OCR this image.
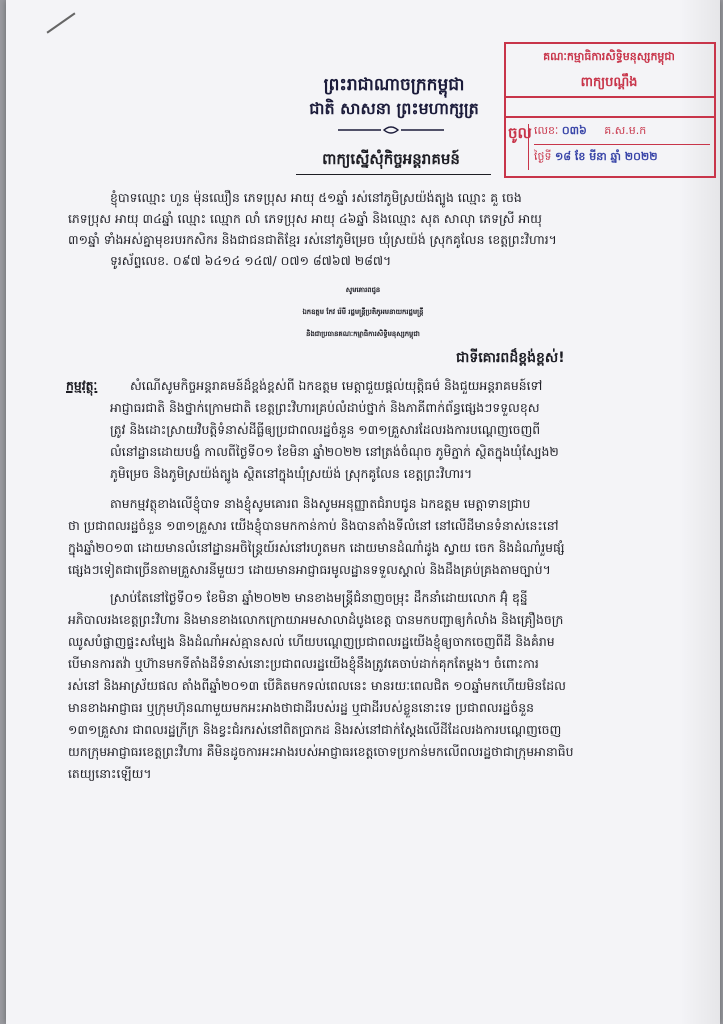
ព្រះរាជាណាចក្រកម្ពុជា
ជាតិ សាសនា ព្រះមហាក្សត្រ
ពាក្យស្នើសុំកិច្ចអន្តរាគមន៍
គណៈកម្មាធិការសិទ្ធិមនុស្សកម្ពុជា
ពាក្យបណ្តឹង
ចូល លេខៈ ០៣៦ គ.ស.ម.ក
ថ្ងៃទី ១៨ ខែ មីនា ឆ្នាំ ២០២២
ខ្ញុំបាទឈ្មោះ ហួន ម៉ុនឈឿន ភេទប្រុស អាយុ ៥១ឆ្នាំ រស់នៅភូមិស្រយ៉ង់ត្បូង ឈ្មោះ គួ ចេង
ភេទប្រុស អាយុ ៣៤ឆ្នាំ ឈ្មោះ ឈ្មោក លាំ ភេទប្រុស អាយុ ៤៦ឆ្នាំ និងឈ្មោះ សុត សាលុា ភេទស្រី អាយុ
៣១ឆ្នាំ ទាំងអស់គ្នាមុខរបរកសិករ និងជាជនជាតិខ្មែរ រស់នៅភូមិម្រេច ឃុំស្រយ៉ង់ ស្រុកគូលែន ខេត្តព្រះវិហារ។
ទូរស័ព្ទលេខ. ០៩៧ ៦៤១៤ ១៤៧/ ០៧១ ៨៧៦៧ ២៨៧។
សូមគោរពជូន
ឯកឧត្តម កែវ រ៉េមី រដ្ឋមន្ត្រីប្រតិភូអមនាយករដ្ឋមន្ត្រី
និងជាប្រធានគណៈកម្មាធិការសិទ្ធិមនុស្សកម្ពុជា
ជាទីគោរពដ៏ខ្ពង់ខ្ពស់!
កម្មវត្ថុៈ	សំណើសូមកិច្ចអន្តរាគមន៍ដ៏ខ្ពង់ខ្ពស់ពី ឯកឧត្តម មេត្តាជួយផ្តល់យុត្តិធម៌ និងជួយអន្តរាគមន៍ទៅ
អាជ្ញាធរជាតិ និងថ្នាក់ក្រោមជាតិ ខេត្តព្រះវិហារគ្រប់លំដាប់ថ្នាក់ និងភាគីពាក់ព័ន្ធផ្សេងៗទទួលខុស
ត្រូវ និងដោះស្រាយវិបត្តិទំនាស់ដីធ្លីឲ្យប្រជាពលរដ្ឋចំនួន ១៣១គ្រួសារដែលរងការបណ្តេញចេញពី
លំនៅដ្ឋានដោយបង្ខំ កាលពីថ្ងៃទី០១ ខែមិនា ឆ្នាំ២០២២ នៅត្រង់ចំណុច ភូមិភ្នាក់ ស្ថិតក្នុងឃុំស្បែង២
ភូមិម្រេច និងភូមិស្រយ៉ង់ត្បូង ស្ថិតនៅក្នុងឃុំស្រយ៉ង់ ស្រុកគូលែន ខេត្តព្រះវិហារ។
តាមកម្មវត្ថុខាងលើខ្ញុំបាទ នាងខ្ញុំសូមគោរព និងសូមអនុញ្ញាតជំរាបជូន ឯកឧត្តម មេត្តាទានជ្រាប
ថា ប្រជាពលរដ្ឋចំនួន ១៣១គ្រួសារ យើងខ្ញុំបានមកកាន់កាប់ និងបានតាំងទីលំនៅ នៅលើដីមានទំនាស់នេះនៅ
ក្នុងឆ្នាំ២០១៣ ដោយមានលំនៅដ្ឋានអចិន្ត្រៃយ៍រស់នៅរហូតមក ដោយមានដំណាំដូង ស្វាយ ចេក និងដំណាំរួមផ្សំ
ផ្សេងៗទៀតជាច្រើនតាមគ្រួសារនីមួយៗ ដោយមានអាជ្ញាធរមូលដ្ឋានទទួលស្គាល់ និងដឹងគ្រប់គ្រងតាមច្បាប់។
ស្រាប់តែនៅថ្ងៃទី០១ ខែមិនា ឆ្នាំ២០២២ មានខាងមន្ត្រីជំនាញចម្រុះ ដឹកនាំដោយលោក អ៊ុំ ឌុន្នី
អភិបាលរងខេត្តព្រះវិហារ និងមានខាងលោកក្រោយាអមសាលាដំបូងខេត្ត បានមកបញ្ជាឲ្យកំលាំង និងគ្រឿងចក្រ
ឈូសបំផ្លាញផ្ទះសម្បែង និងដំណាំអស់គ្មានសល់ ហើយបណ្តេញប្រជាពលរដ្ឋយើងខ្ញុំឲ្យចាកចេញពីដី និងគំរាម
បើមានការតវ៉ា ឬហ៊ានមកទីតាំងដីទំនាស់នោះប្រជាពលរដ្ឋយើងខ្ញុំនឹងត្រូវគេចាប់ដាក់គុកតែម្តង។ ចំពោះការ
រស់នៅ និងអាស្រ័យផល តាំងពីឆ្នាំ២០១៣ បើគិតមកទល់ពេលនេះ មានរយៈពេលជិត ១០ឆ្នាំមកហើយមិនដែល
មានខាងអាជ្ញាធរ ឬក្រុមហ៊ុនណាមួយមកអះអាងថាជាដីរបស់រដ្ឋ ឬជាដីរបស់ខ្លួននោះទេ ប្រជាពលរដ្ឋចំនួន
១៣១គ្រួសារ ជាពលរដ្ឋក្រីក្រ និងខ្វះជំរករស់នៅពិតប្រាកដ និងរស់នៅជាក់ស្តែងលើដីដែលរងការបណ្តេញចេញ
យកក្រុមអាជ្ញាធរខេត្តព្រះវិហារ គឺមិនដូចការអះអាងរបស់អាជ្ញាធរខេត្តចោទប្រកាន់មកលើពលរដ្ឋថាជាក្រុមអានាធិប
តេយ្យនោះឡើយ។
